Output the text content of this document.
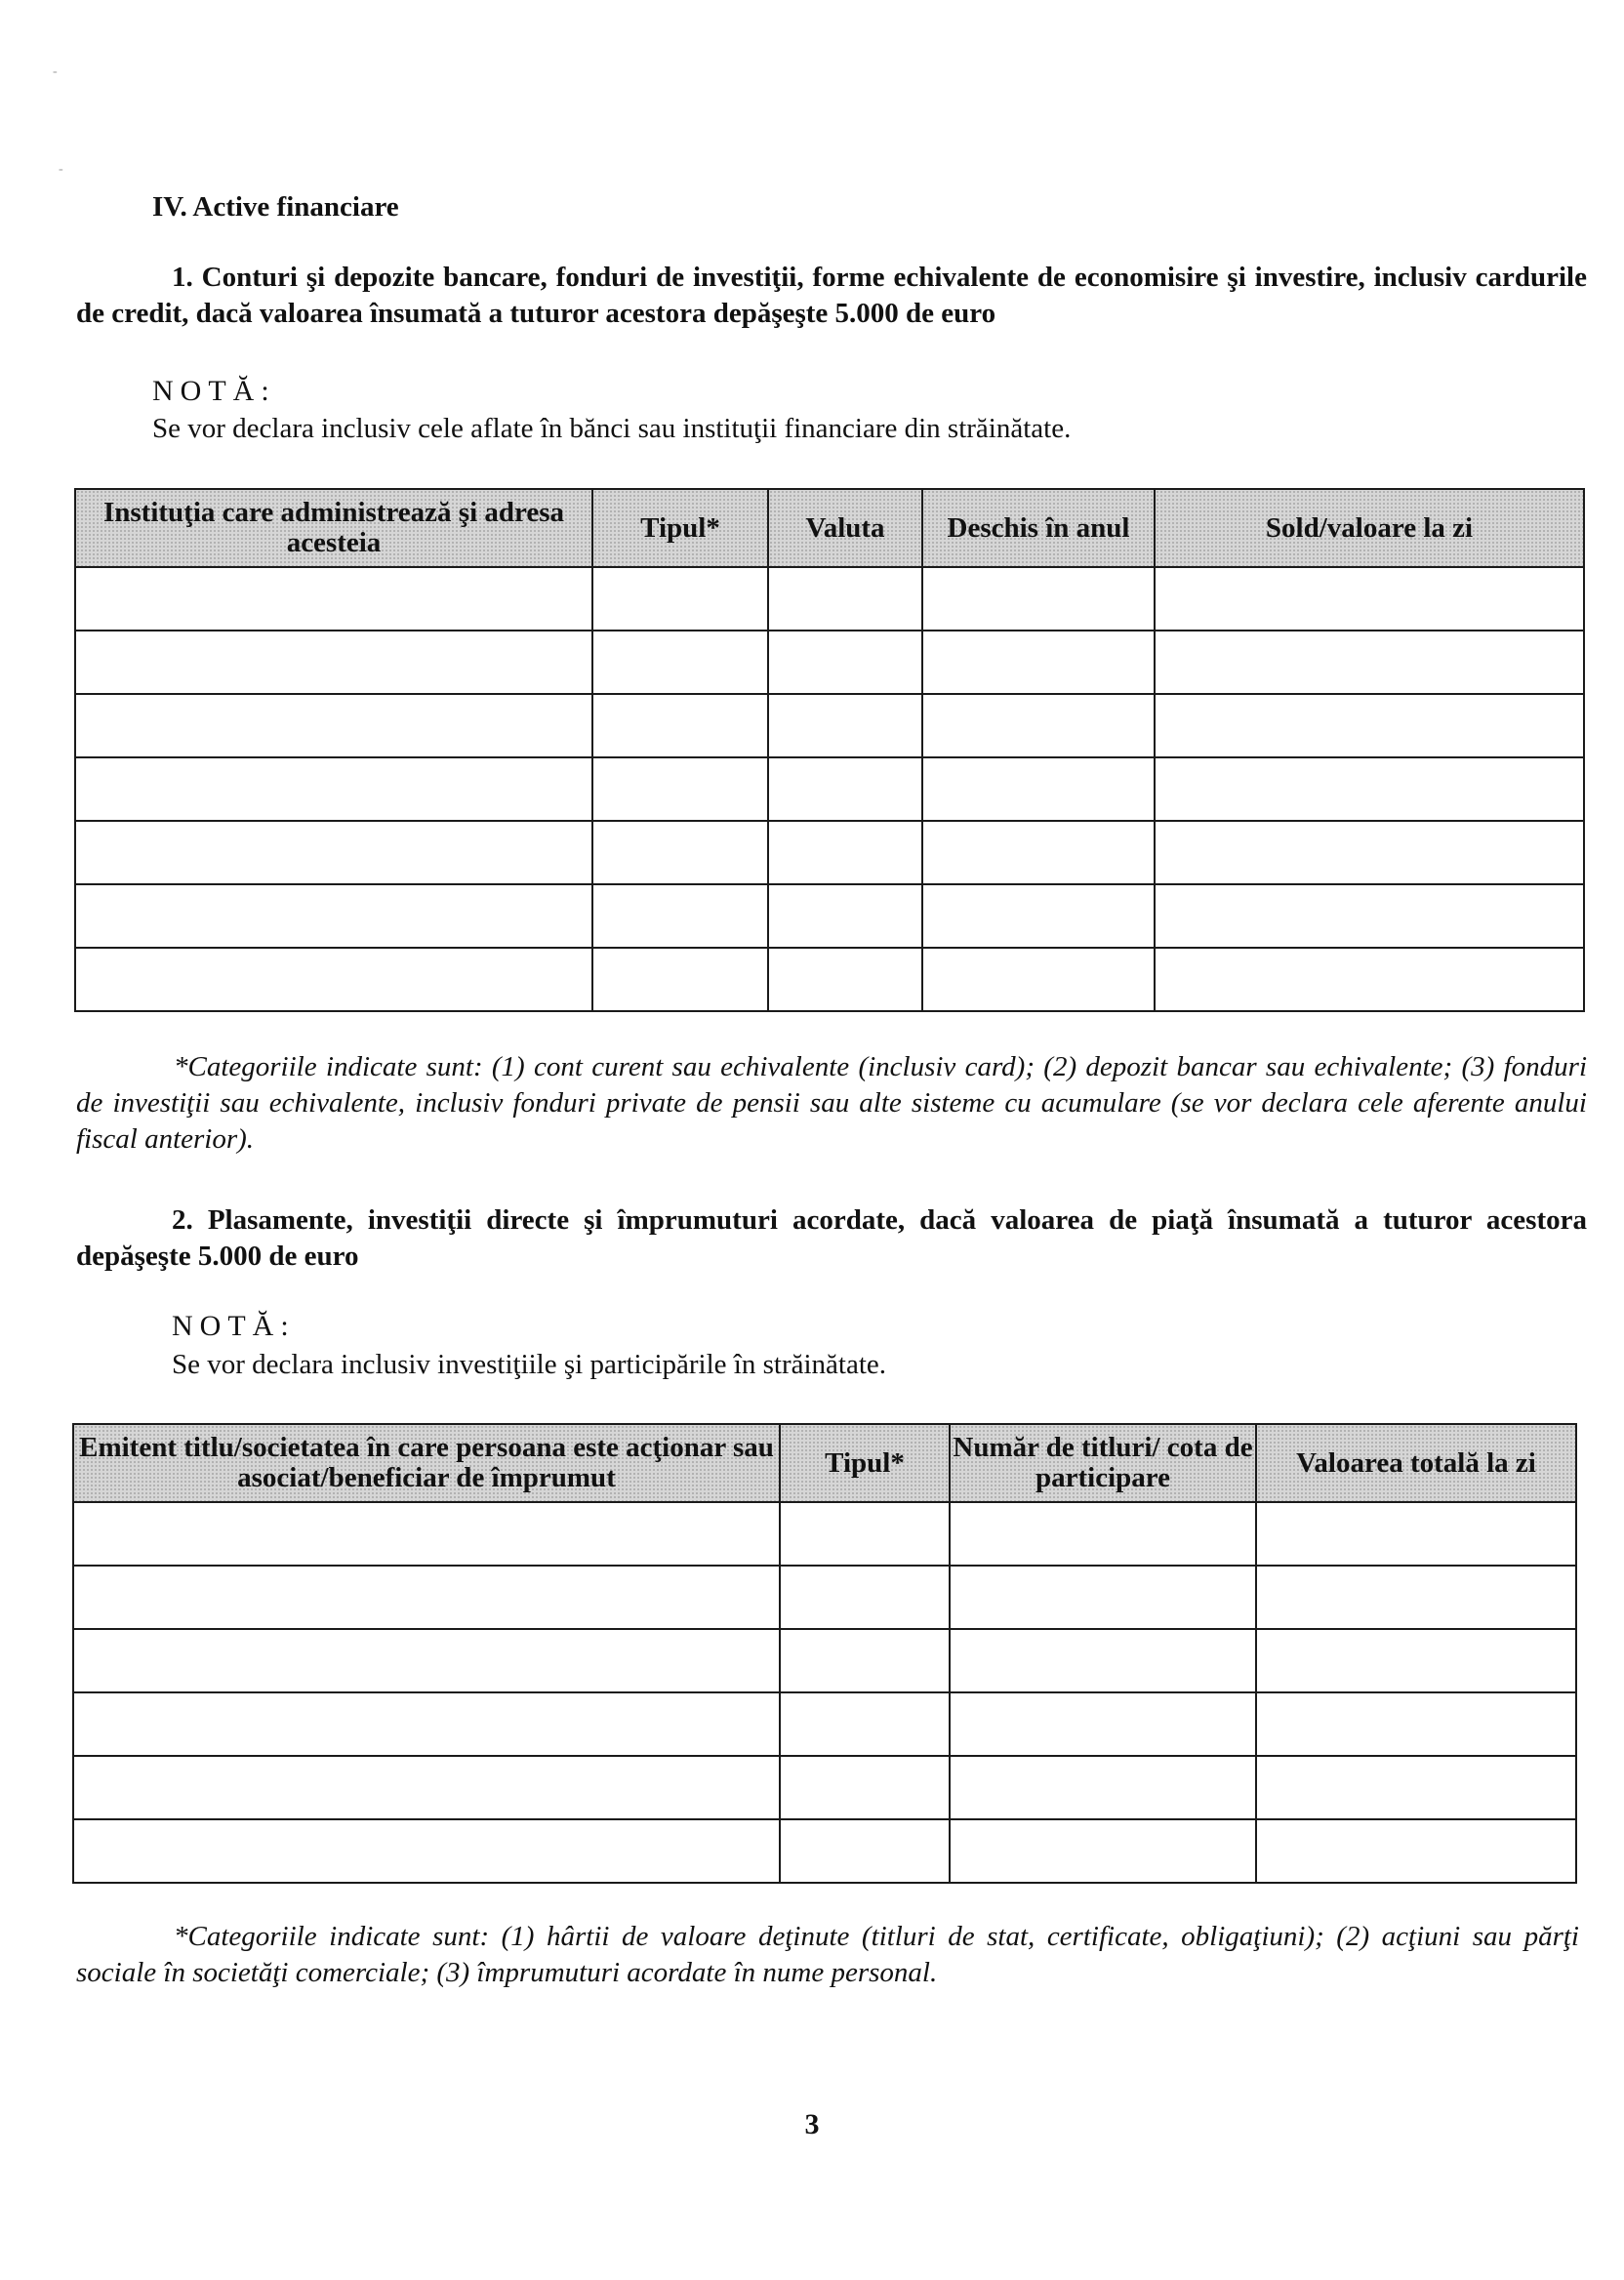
-
-
IV. Active financiare
1. Conturi şi depozite bancare, fonduri de investiţii, forme echivalente de economisire şi investire, inclusiv cardurile de credit, dacă valoarea însumată a tuturor acestora depăşeşte 5.000 de euro
NOTĂ:
Se vor declara inclusiv cele aflate în bănci sau instituţii financiare din străinătate.
Instituţia care administrează şi adresa acesteia	Tipul*	Valuta	Deschis în anul	Sold/valoare la zi

*Categoriile indicate sunt: (1) cont curent sau echivalente (inclusiv card); (2) depozit bancar sau echivalente; (3) fonduri de investiţii sau echivalente, inclusiv fonduri private de pensii sau alte sisteme cu acumulare (se vor declara cele aferente anului fiscal anterior).
2. Plasamente, investiţii directe şi împrumuturi acordate, dacă valoarea de piaţă însumată a tuturor acestora depăşeşte 5.000 de euro
NOTĂ:
Se vor declara inclusiv investiţiile şi participările în străinătate.
Emitent titlu/societatea în care persoana este acţionar sau asociat/beneficiar de împrumut	Tipul*	Număr de titluri/ cota de participare	Valoarea totală la zi

*Categoriile indicate sunt: (1) hârtii de valoare deţinute (titluri de stat, certificate, obligaţiuni); (2) acţiuni sau părţi sociale în societăţi comerciale; (3) împrumuturi acordate în nume personal.
3
